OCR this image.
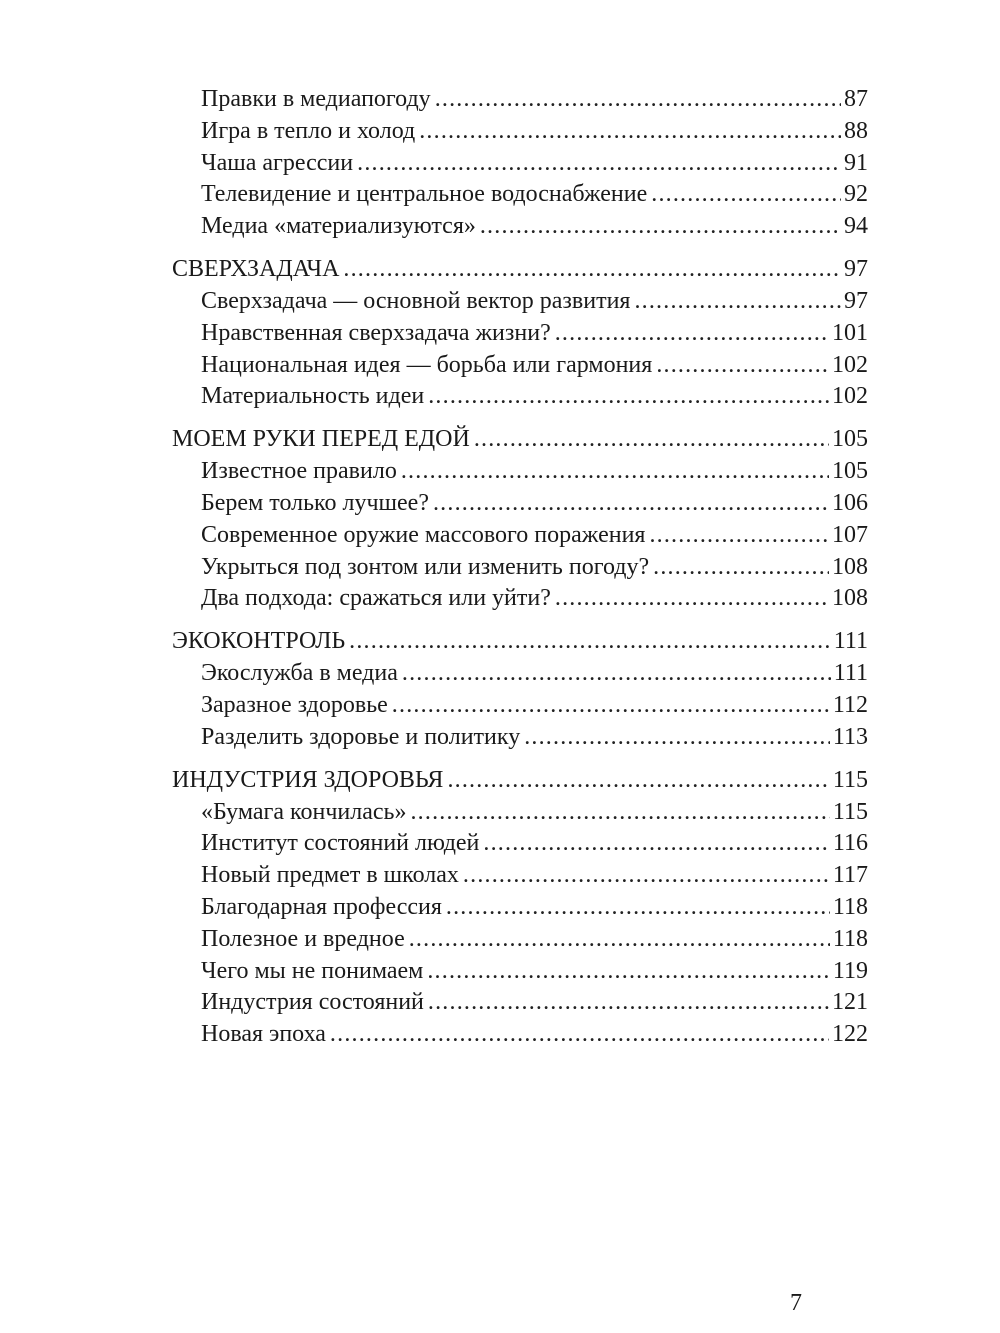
Правки в медиапогоду .....	87
Игра в тепло и холод .....	88
Чаша агрессии .....	91
Телевидение и центральное водоснабжение .....	92
Медиа «материализуются» .....	94
СВЕРХЗАДАЧА .....	97
Сверхзадача — основной вектор развития .....	97
Нравственная сверхзадача жизни? .....	101
Национальная идея — борьба или гармония .....	102
Материальность идеи .....	102
МОЕМ РУКИ ПЕРЕД ЕДОЙ .....	105
Известное правило .....	105
Берем только лучшее? .....	106
Современное оружие массового поражения .....	107
Укрыться под зонтом или изменить погоду? .....	108
Два подхода: сражаться или уйти? .....	108
ЭКОКОНТРОЛЬ .....	111
Экослужба в медиа .....	111
Заразное здоровье .....	112
Разделить здоровье и политику .....	113
ИНДУСТРИЯ ЗДОРОВЬЯ .....	115
«Бумага кончилась» .....	115
Институт состояний людей .....	116
Новый предмет в школах .....	117
Благодарная профессия .....	118
Полезное и вредное .....	118
Чего мы не понимаем .....	119
Индустрия состояний .....	121
Новая эпоха .....	122
7
